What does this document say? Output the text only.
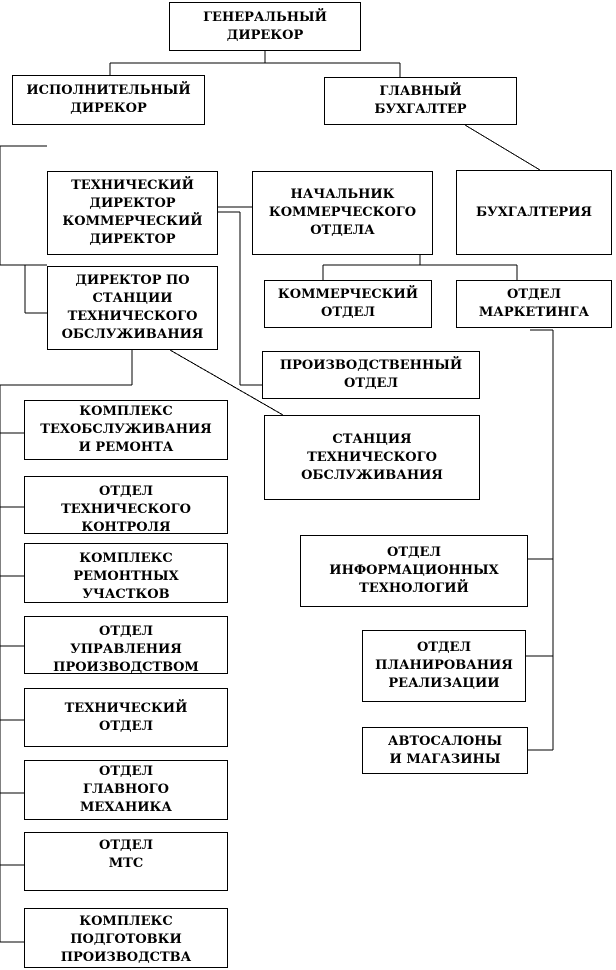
ГЕНЕРАЛЬНЫЙ
ДИРЕКОР
ИСПОЛНИТЕЛЬНЫЙ
ДИРЕКОР
ГЛАВНЫЙ
БУХГАЛТЕР
ТЕХНИЧЕСКИЙ
ДИРЕКТОР
КОММЕРЧЕСКИЙ
ДИРЕКТОР
НАЧАЛЬНИК
КОММЕРЧЕСКОГО
ОТДЕЛА
БУХГАЛТЕРИЯ
ДИРЕКТОР ПО
СТАНЦИИ
ТЕХНИЧЕСКОГО
ОБСЛУЖИВАНИЯ
КОММЕРЧЕСКИЙ
ОТДЕЛ
ОТДЕЛ
МАРКЕТИНГА
ПРОИЗВОДСТВЕННЫЙ
ОТДЕЛ
СТАНЦИЯ
ТЕХНИЧЕСКОГО
ОБСЛУЖИВАНИЯ
КОМПЛЕКС
ТЕХОБСЛУЖИВАНИЯ
И РЕМОНТА
ОТДЕЛ
ТЕХНИЧЕСКОГО
КОНТРОЛЯ
КОМПЛЕКС
РЕМОНТНЫХ
УЧАСТКОВ
ОТДЕЛ
УПРАВЛЕНИЯ
ПРОИЗВОДСТВОМ
ТЕХНИЧЕСКИЙ
ОТДЕЛ
ОТДЕЛ
ГЛАВНОГО
МЕХАНИКА
ОТДЕЛ
МТС
КОМПЛЕКС
ПОДГОТОВКИ
ПРОИЗВОДСТВА
ОТДЕЛ
ИНФОРМАЦИОННЫХ
ТЕХНОЛОГИЙ
ОТДЕЛ
ПЛАНИРОВАНИЯ
РЕАЛИЗАЦИИ
АВТОСАЛОНЫ
И МАГАЗИНЫ
